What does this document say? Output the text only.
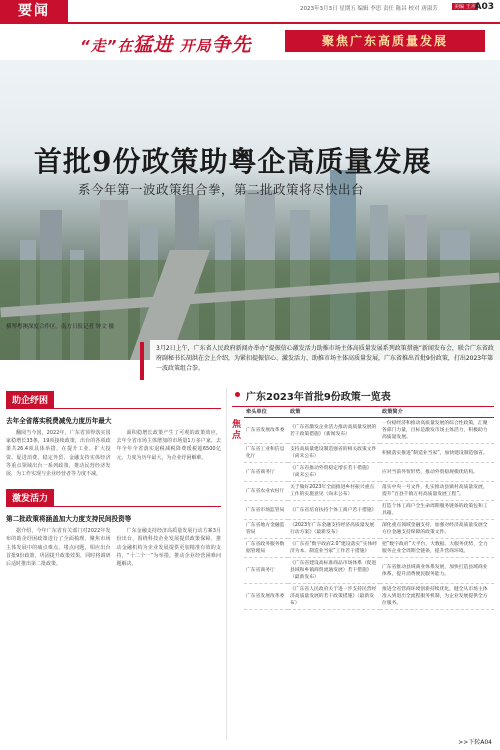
要闻	2023年3月3日 星期五 编辑 李思 责任 陈昌 校对 唐淑芳	美编 王卉
A03
“走”在猛进 开局争先	聚焦广东高质量发展
首批9份政策助粤企高质量发展
系今年第一波政策组合拳，第二批政策将尽快出台
横琴粤澳深度合作区。南方日报记者 钟文 摄
3月2日上午，广东省人民政府新闻办举办“提振信心激发活力助推市场主体高质量发展系列政策措施”新闻发布会，联合广东省政府副秘书长胡洪在会上介绍，为紧扣提振信心、激发活力、助推市场主体高质量发展，广东省推出首批9份政策，打出2023年第一波政策组合拳。
助企纾困
去年全省落实税费减免力度历年最大

翻阅当今国，2022年，广东省顶得落实国家稳增长33条，19项接续政策，出台的各项政策共26.4项具体举措，在提升工业、扩大投资、促进消费、稳定外贸、金融支持实体经济等重点领域出台一系列政策，推动民营经济发展，为工作实现与企业经营者等力度不减。

面积稳增长政策产生了可观的政策效应，去年全省市场主体增加的市场量1万多户家。去年全年全省落实退税减税降费缓税超6500亿元，力度为历年最大，为企业纾困解难。

激发活力
第二批政策将涵盖加大力度支持民间投资等

据介绍，今年广东省有关部门对2022年发布的助企纾困政策进行了全面梳理，聚焦市场主体发展中的痛点难点、堵点问题，相应出台首批9份政策，巩固提升政策效果，同时将调研后适时推出第二批政策。

广东金融支持经济高质量发展行动方案3月份出台，围绕科技企业发展提供政策保障，推动金融机构为企业发展提供更加精准有效的支持，“十二个一”为举措，推动企业经营困难问题解决。

广东2023年首批9份政策一览表
焦点
牵头单位	政策	政策简介
广东省发展改革委	《广东省激发企业活力推动高质量发展的若干政策措施》（新闻发布）	一份稳经济和推动高质量发展的综合性政策，汇聚各部门力量，目标是激发市场主体活力，积极助力高质量发展。
广东省工业和信息化厅	支持高质量建设制造强省的相关政策文件（尚未公布）	积极落实推进“制造业当家”，加快建设制造强省。
广东省商务厅	《广东省推动外贸稳定增长若干措施》（尚未公布）	应对当前外贸形势，推动外贸稳规模优结构。
广东省农业农村厅	关于做好2023年全面推进乡村振兴重点工作的实施意见（尚未公布）	落实中央一号文件，扎实推动县镇村高质量发展，提升“百县千镇万村高质量发展工程”。
广东省市场监管局	《广东省培育扶持个体工商户若干措施》	打造个体工商户全生命周期服务链条的政策包和工具箱。
广东省地方金融监管局	《2023年广东金融支持经济高质量发展行动方案》（最新发布）	深化重点领域金融支持，加强对经济高质量发展全方位金融支持保障的政策文件。
广东省政务服务数据管理局	《广东省“数字政府2.0”建设落实“实体经济为本、制造业当家”工作若干措施》	把“数字政府”大平台、大数据、大服务优势，全力服务企业全周期全链条，提升营商环境。
广东省商务厅	《广东省建设高标准商品市场体系（促进县域和乡镇商贸流通发展）若干措施》（最新发布）	广东省推动县域商业体系发展，加快打造县域商业体系，提升消费便民服务能力。
广东省发展改革委	《广东省人民政府关于进一步支持民营经济高质量发展的若干政策措施》（最新发布）	推进全省营商环境创新持续优化，健全从市场主体准入到退出全流程服务机制，为企业发展提供全方位服务。
>>下转A04
